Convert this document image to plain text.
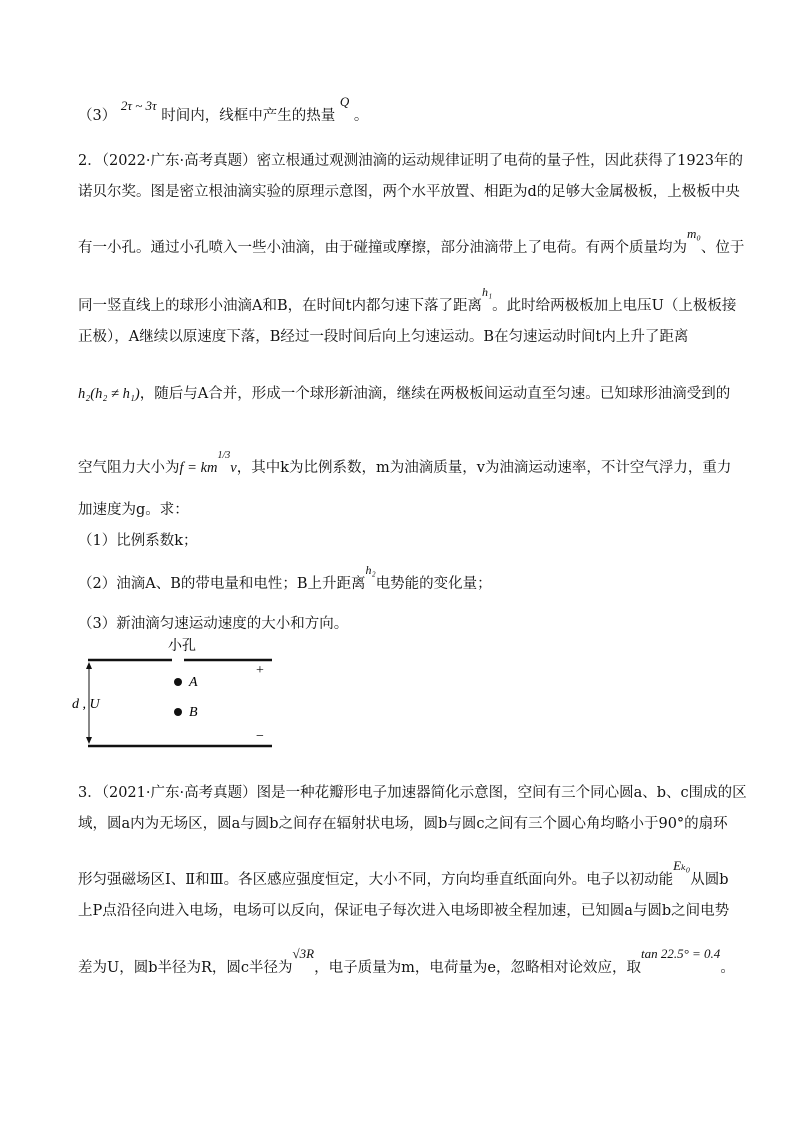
（3） 2τ ~ 3τ 时间内，线框中产生的热量 Q 。
2．（2022·广东·高考真题）密立根通过观测油滴的运动规律证明了电荷的量子性，因此获得了1923年的
诺贝尔奖。图是密立根油滴实验的原理示意图，两个水平放置、相距为d的足够大金属极板，上极板中央
有一小孔。通过小孔喷入一些小油滴，由于碰撞或摩擦，部分油滴带上了电荷。有两个质量均为m₀、位于
同一竖直线上的球形小油滴A和B，在时间t内都匀速下落了距离$^{h_1}$。此时给两极板加上电压U（上极板接
正极），A继续以原速度下落，B经过一段时间后向上匀速运动。B在匀速运动时间t内上升了距离
h₂(h₂ ≠ h₁)，随后与A合并，形成一个球形新油滴，继续在两极板间运动直至匀速。已知球形油滴受到的
空气阻力大小为$f = km^{1/3}v$，其中k为比例系数，m为油滴质量，v为油滴运动速率，不计空气浮力，重力
加速度为g。求：
（1）比例系数k；
（2）油滴A、B的带电量和电性；B上升距离$^{h_2}$电势能的变化量；
（3）新油滴匀速运动速度的大小和方向。
小孔
+
−
A
B
d , U
3．（2021·广东·高考真题）图是一种花瓣形电子加速器简化示意图，空间有三个同心圆a、b、c围成的区
域，圆a内为无场区，圆a与圆b之间存在辐射状电场，圆b与圆c之间有三个圆心角均略小于90°的扇环
形匀强磁场区Ⅰ、Ⅱ和Ⅲ。各区感应强度恒定，大小不同，方向均垂直纸面向外。电子以初动能Eₖ₀从圆b
上P点沿径向进入电场，电场可以反向，保证电子每次进入电场即被全程加速，已知圆a与圆b之间电势
差为U，圆b半径为R，圆c半径为√3R，电子质量为m，电荷量为e，忽略相对论效应，取tan 22.5° = 0.4。
